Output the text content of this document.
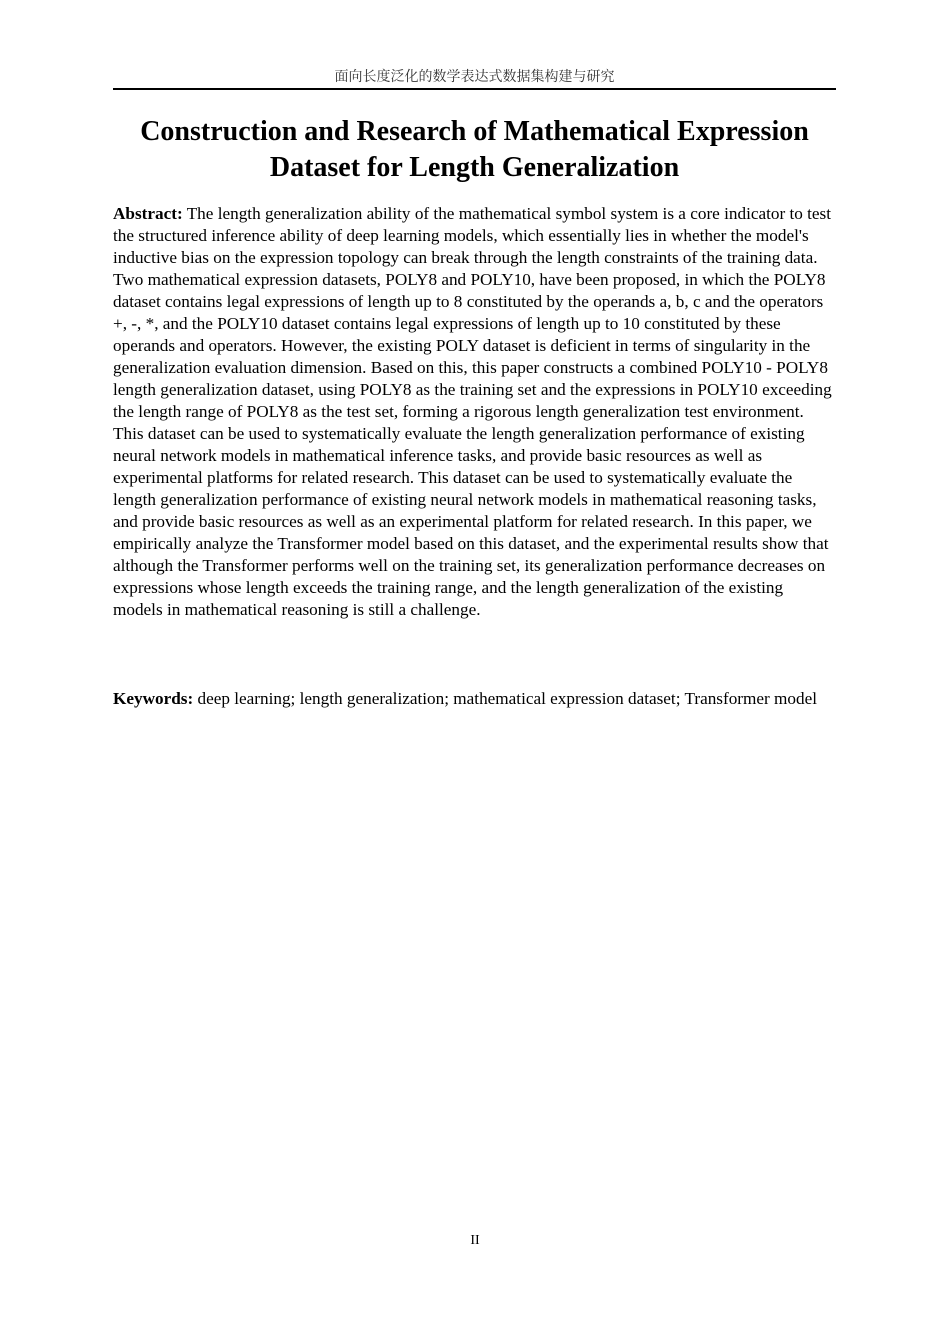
面向长度泛化的数学表达式数据集构建与研究
Construction and Research of Mathematical Expression
Dataset for Length Generalization

Abstract: The length generalization ability of the mathematical symbol system is a core indicator to test the structured inference ability of deep learning models, which essentially lies in whether the model's inductive bias on the expression topology can break through the length constraints of the training data. Two mathematical expression datasets, POLY8 and POLY10, have been proposed, in which the POLY8 dataset contains legal expressions of length up to 8 constituted by the operands a, b, c and the operators +, -, *, and the POLY10 dataset contains legal expressions of length up to 10 constituted by these operands and operators. However, the existing POLY dataset is deficient in terms of singularity in the generalization evaluation dimension. Based on this, this paper constructs a combined POLY10 - POLY8 length generalization dataset, using POLY8 as the training set and the expressions in POLY10 exceeding the length range of POLY8 as the test set, forming a rigorous length generalization test environment. This dataset can be used to systematically evaluate the length generalization performance of existing neural network models in mathematical inference tasks, and provide basic resources as well as experimental platforms for related research. This dataset can be used to systematically evaluate the length generalization performance of existing neural network models in mathematical reasoning tasks, and provide basic resources as well as an experimental platform for related research. In this paper, we empirically analyze the Transformer model based on this dataset, and the experimental results show that although the Transformer performs well on the training set, its generalization performance decreases on expressions whose length exceeds the training range, and the length generalization of the existing models in mathematical reasoning is still a challenge.

Keywords: deep learning; length generalization; mathematical expression dataset; Transformer model

II
